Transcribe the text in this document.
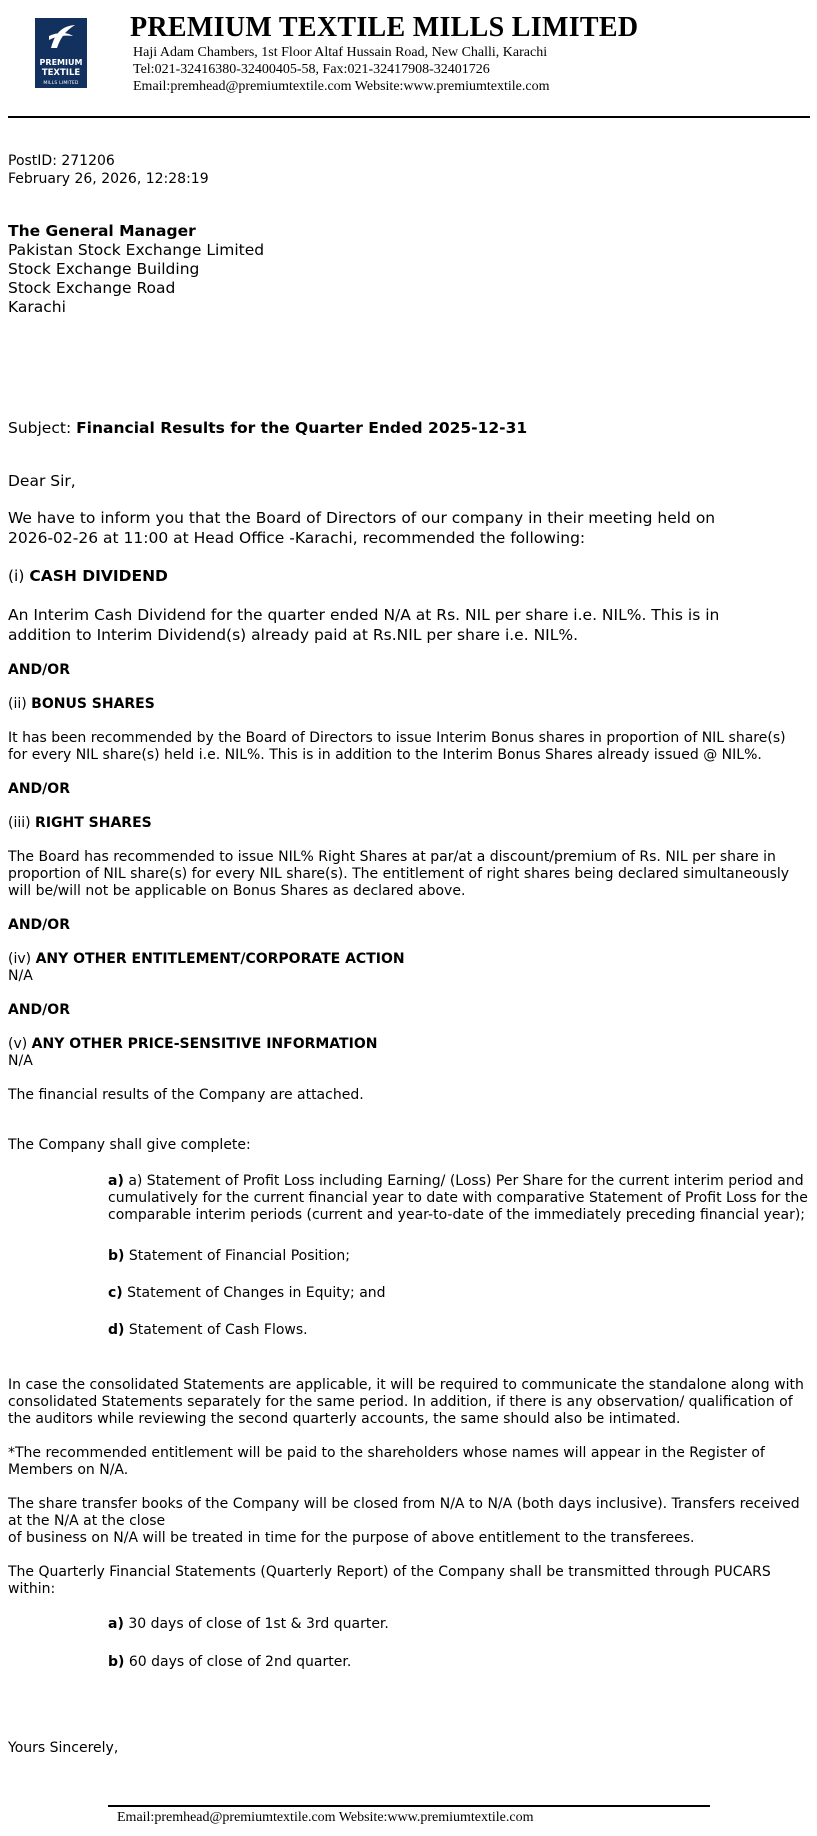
PREMIUM
TEXTILE
MILLS LIMITED
PREMIUM TEXTILE MILLS LIMITED
Haji Adam Chambers, 1st Floor Altaf Hussain Road, New Challi, Karachi
Tel:021-32416380-32400405-58, Fax:021-32417908-32401726
Email:premhead@premiumtextile.com Website:www.premiumtextile.com
PostID: 271206
February 26, 2026, 12:28:19
The General Manager
Pakistan Stock Exchange Limited
Stock Exchange Building
Stock Exchange Road
Karachi
Subject: Financial Results for the Quarter Ended 2025-12-31
Dear Sir,
We have to inform you that the Board of Directors of our company in their meeting held on
2026-02-26 at 11:00 at Head Office -Karachi, recommended the following:
(i) CASH DIVIDEND
An Interim Cash Dividend for the quarter ended N/A at Rs. NIL per share i.e. NIL%. This is in
addition to Interim Dividend(s) already paid at Rs.NIL per share i.e. NIL%.
AND/OR
(ii) BONUS SHARES
It has been recommended by the Board of Directors to issue Interim Bonus shares in proportion of NIL share(s)
for every NIL share(s) held i.e. NIL%. This is in addition to the Interim Bonus Shares already issued @ NIL%.
AND/OR
(iii) RIGHT SHARES
The Board has recommended to issue NIL% Right Shares at par/at a discount/premium of Rs. NIL per share in
proportion of NIL share(s) for every NIL share(s). The entitlement of right shares being declared simultaneously
will be/will not be applicable on Bonus Shares as declared above.
AND/OR
(iv) ANY OTHER ENTITLEMENT/CORPORATE ACTION
N/A
AND/OR
(v) ANY OTHER PRICE-SENSITIVE INFORMATION
N/A
The financial results of the Company are attached.
The Company shall give complete:
a) a) Statement of Profit Loss including Earning/ (Loss) Per Share for the current interim period and
cumulatively for the current financial year to date with comparative Statement of Profit Loss for the
comparable interim periods (current and year-to-date of the immediately preceding financial year);
b) Statement of Financial Position;
c) Statement of Changes in Equity; and
d) Statement of Cash Flows.
In case the consolidated Statements are applicable, it will be required to communicate the standalone along with
consolidated Statements separately for the same period. In addition, if there is any observation/ qualification of
the auditors while reviewing the second quarterly accounts, the same should also be intimated.
*The recommended entitlement will be paid to the shareholders whose names will appear in the Register of
Members on N/A.
The share transfer books of the Company will be closed from N/A to N/A (both days inclusive). Transfers received
at the N/A at the close
of business on N/A will be treated in time for the purpose of above entitlement to the transferees.
The Quarterly Financial Statements (Quarterly Report) of the Company shall be transmitted through PUCARS
within:
a) 30 days of close of 1st & 3rd quarter.
b) 60 days of close of 2nd quarter.
Yours Sincerely,
Email:premhead@premiumtextile.com Website:www.premiumtextile.com
